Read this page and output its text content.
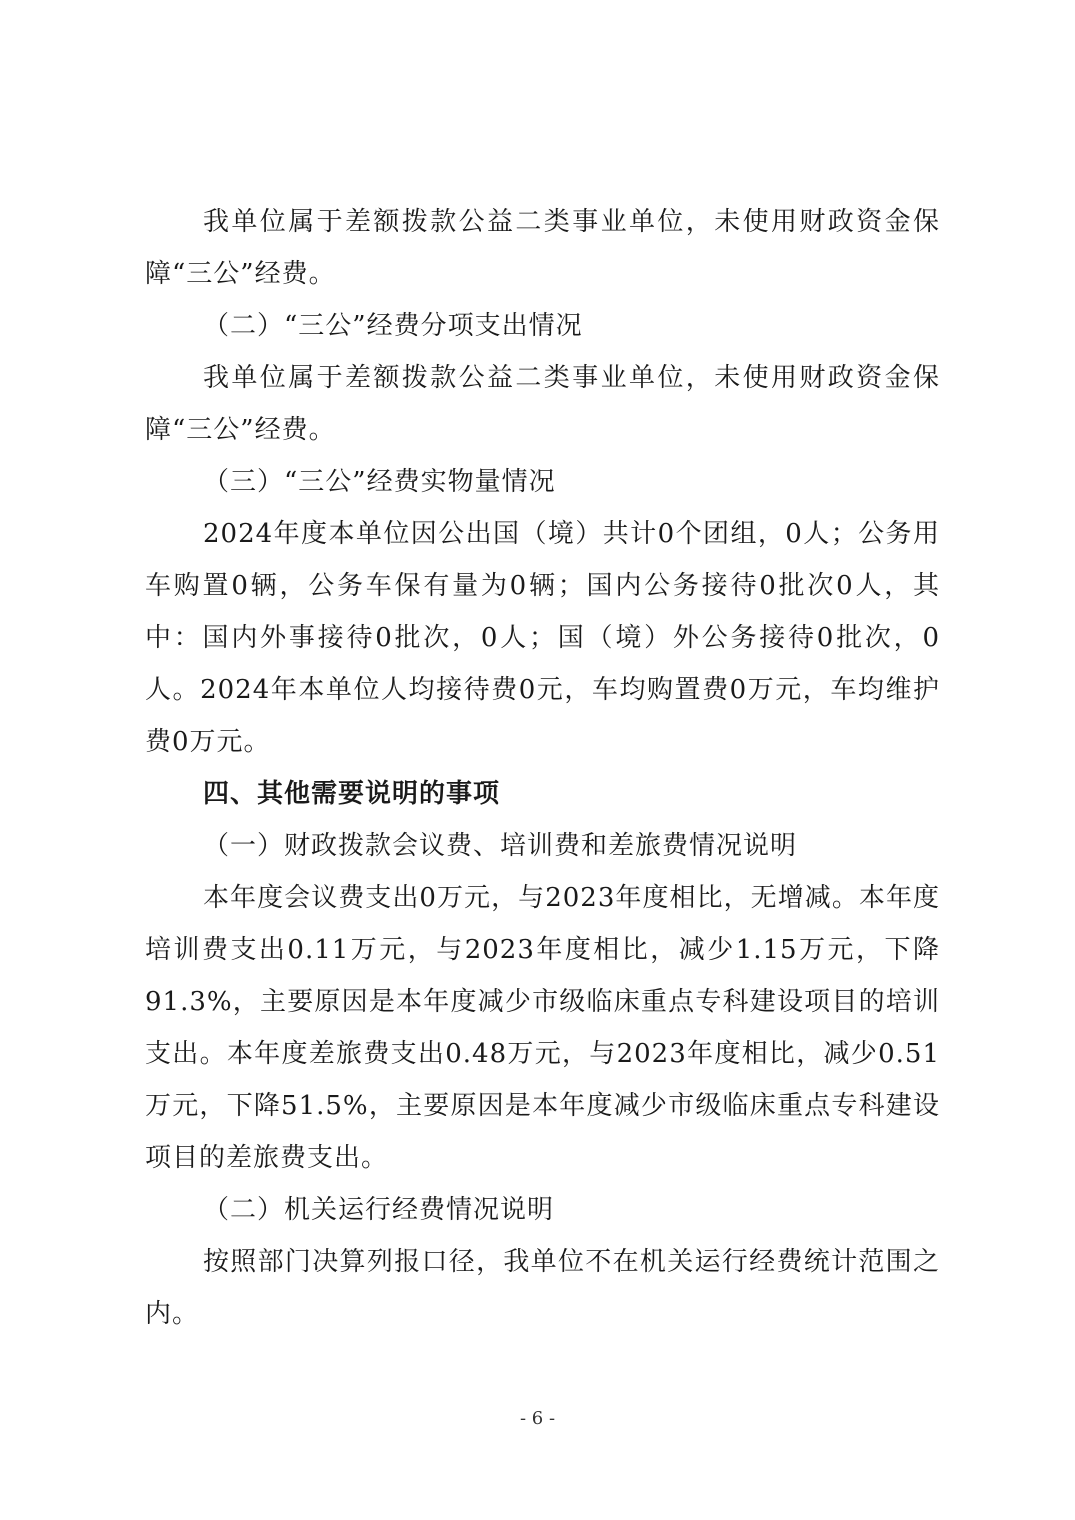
我单位属于差额拨款公益二类事业单位，未使用财政资金保障“三公”经费。

（二）“三公”经费分项支出情况

我单位属于差额拨款公益二类事业单位，未使用财政资金保障“三公”经费。

（三）“三公”经费实物量情况

2024年度本单位因公出国（境）共计0个团组，0人；公务用车购置0辆，公务车保有量为0辆；国内公务接待0批次0人，其中：国内外事接待0批次，0人；国（境）外公务接待0批次，0人。2024年本单位人均接待费0元，车均购置费0万元，车均维护费0万元。

四、其他需要说明的事项

（一）财政拨款会议费、培训费和差旅费情况说明

本年度会议费支出0万元，与2023年度相比，无增减。本年度培训费支出0.11万元，与2023年度相比，减少1.15万元，下降91.3%，主要原因是本年度减少市级临床重点专科建设项目的培训支出。本年度差旅费支出0.48万元，与2023年度相比，减少0.51万元，下降51.5%，主要原因是本年度减少市级临床重点专科建设项目的差旅费支出。

（二）机关运行经费情况说明

按照部门决算列报口径，我单位不在机关运行经费统计范围之内。

- 6 -
